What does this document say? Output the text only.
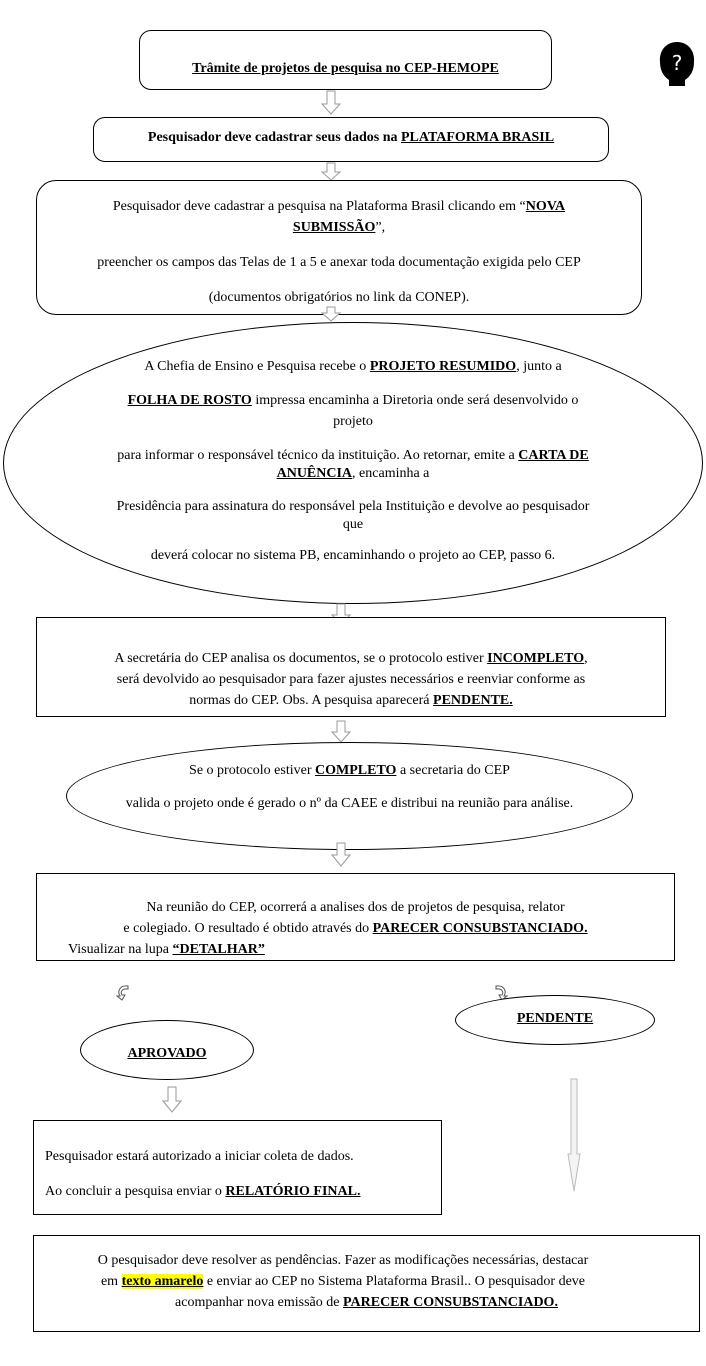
Trâmite de projetos de pesquisa no CEP-HEMOPE	?
Pesquisador deve cadastrar seus dados na PLATAFORMA BRASIL
Pesquisador deve cadastrar a pesquisa na Plataforma Brasil clicando em “NOVA
SUBMISSÃO”,
preencher os campos das Telas de 1 a 5 e anexar toda documentação exigida pelo CEP
(documentos obrigatórios no link da CONEP).
A Chefia de Ensino e Pesquisa recebe o PROJETO RESUMIDO, junto a
FOLHA DE ROSTO impressa encaminha a Diretoria onde será desenvolvido o
projeto
para informar o responsável técnico da instituição. Ao retornar, emite a CARTA DE
ANUÊNCIA, encaminha a
Presidência para assinatura do responsável pela Instituição e devolve ao pesquisador
que
deverá colocar no sistema PB, encaminhando o projeto ao CEP, passo 6.
A secretária do CEP analisa os documentos, se o protocolo estiver INCOMPLETO,
será devolvido ao pesquisador para fazer ajustes necessários e reenviar conforme as
normas do CEP. Obs. A pesquisa aparecerá PENDENTE.
Se o protocolo estiver COMPLETO a secretaria do CEP
valida o projeto onde é gerado o nº da CAEE e distribui na reunião para análise.
Na reunião do CEP, ocorrerá a analises dos de projetos de pesquisa, relator
e colegiado. O resultado é obtido através do PARECER CONSUBSTANCIADO.
Visualizar na lupa “DETALHAR”
PENDENTE
APROVADO
Pesquisador estará autorizado a iniciar coleta de dados.
Ao concluir a pesquisa enviar o RELATÓRIO FINAL.
O pesquisador deve resolver as pendências. Fazer as modificações necessárias, destacar
em texto amarelo e enviar ao CEP no Sistema Plataforma Brasil.. O pesquisador deve
acompanhar nova emissão de PARECER CONSUBSTANCIADO.
